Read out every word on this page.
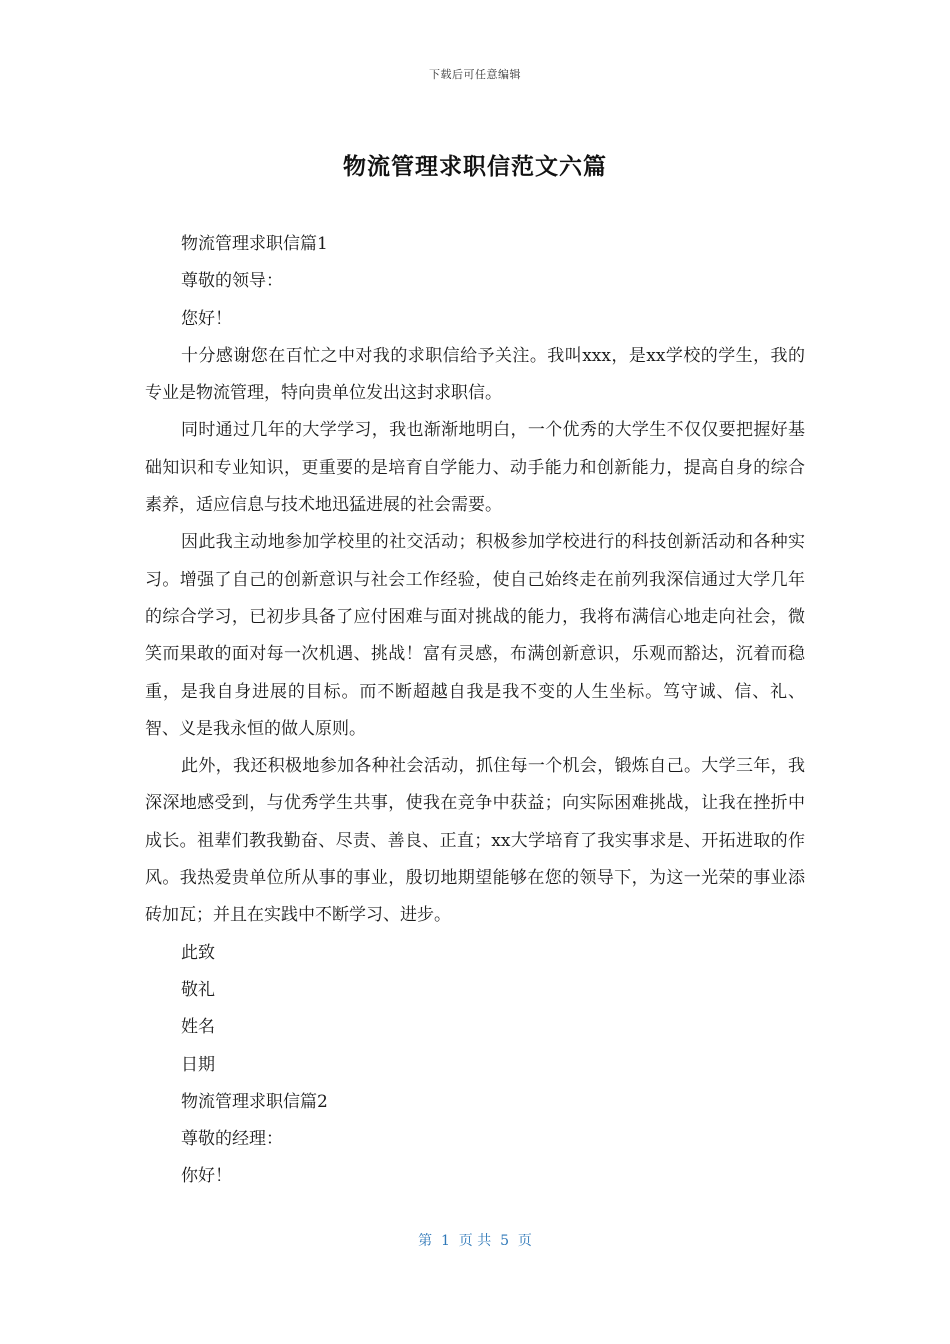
下载后可任意编辑
物流管理求职信范文六篇

物流管理求职信篇1

尊敬的领导：

您好！

十分感谢您在百忙之中对我的求职信给予关注。我叫xxx，是xx学校的学生，我的专业是物流管理，特向贵单位发出这封求职信。

同时通过几年的大学学习，我也渐渐地明白，一个优秀的大学生不仅仅要把握好基础知识和专业知识，更重要的是培育自学能力、动手能力和创新能力，提高自身的综合素养，适应信息与技术地迅猛进展的社会需要。

因此我主动地参加学校里的社交活动；积极参加学校进行的科技创新活动和各种实习。增强了自己的创新意识与社会工作经验，使自己始终走在前列我深信通过大学几年的综合学习，已初步具备了应付困难与面对挑战的能力，我将布满信心地走向社会，微笑而果敢的面对每一次机遇、挑战！富有灵感，布满创新意识，乐观而豁达，沉着而稳重，是我自身进展的目标。而不断超越自我是我不变的人生坐标。笃守诚、信、礼、智、义是我永恒的做人原则。

此外，我还积极地参加各种社会活动，抓住每一个机会，锻炼自己。大学三年，我深深地感受到，与优秀学生共事，使我在竞争中获益；向实际困难挑战，让我在挫折中成长。祖辈们教我勤奋、尽责、善良、正直；xx大学培育了我实事求是、开拓进取的作风。我热爱贵单位所从事的事业，殷切地期望能够在您的领导下，为这一光荣的事业添砖加瓦；并且在实践中不断学习、进步。

此致

敬礼

姓名

日期

物流管理求职信篇2

尊敬的经理：

你好！

第  1  页 共  5  页
